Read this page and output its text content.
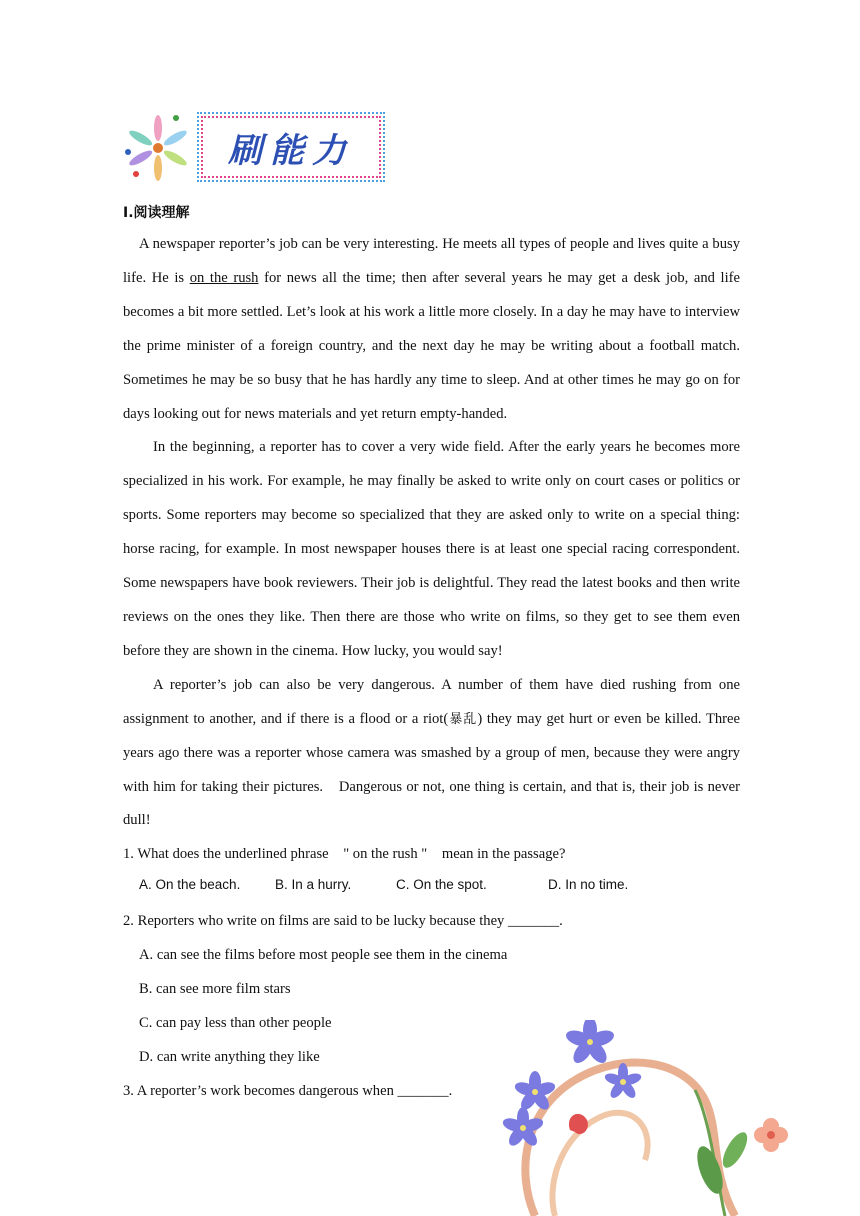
刷能力
Ⅰ.阅读理解

A newspaper reporter’s job can be very interesting. He meets all types of people and lives quite a busy life. He is on the rush for news all the time; then after several years he may get a desk job, and life becomes a bit more settled. Let’s look at his work a little more closely. In a day he may have to interview the prime minister of a foreign country, and the next day he may be writing about a football match. Sometimes he may be so busy that he has hardly any time to sleep. And at other times he may go on for days looking out for news materials and yet return empty-handed.

In the beginning, a reporter has to cover a very wide field. After the early years he becomes more specialized in his work. For example, he may finally be asked to write only on court cases or politics or sports. Some reporters may become so specialized that they are asked only to write on a special thing: horse racing, for example. In most newspaper houses there is at least one special racing correspondent. Some newspapers have book reviewers. Their job is delightful. They read the latest books and then write reviews on the ones they like. Then there are those who write on films, so they get to see them even before they are shown in the cinema. How lucky, you would say!

A reporter’s job can also be very dangerous. A number of them have died rushing from one assignment to another, and if there is a flood or a riot(暴乱) they may get hurt or even be killed. Three years ago there was a reporter whose camera was smashed by a group of men, because they were angry with him for taking their pictures.　Dangerous or not, one thing is certain, and that is, their job is never dull!

1. What does the underlined phrase　" on the rush "　mean in the passage?
A. On the beach.	B. In a hurry.	C. On the spot.	D. In no time.
2. Reporters who write on films are said to be lucky because they _______.
A. can see the films before most people see them in the cinema
B. can see more film stars
C. can pay less than other people
D. can write anything they like
3. A reporter’s work becomes dangerous when _______.
